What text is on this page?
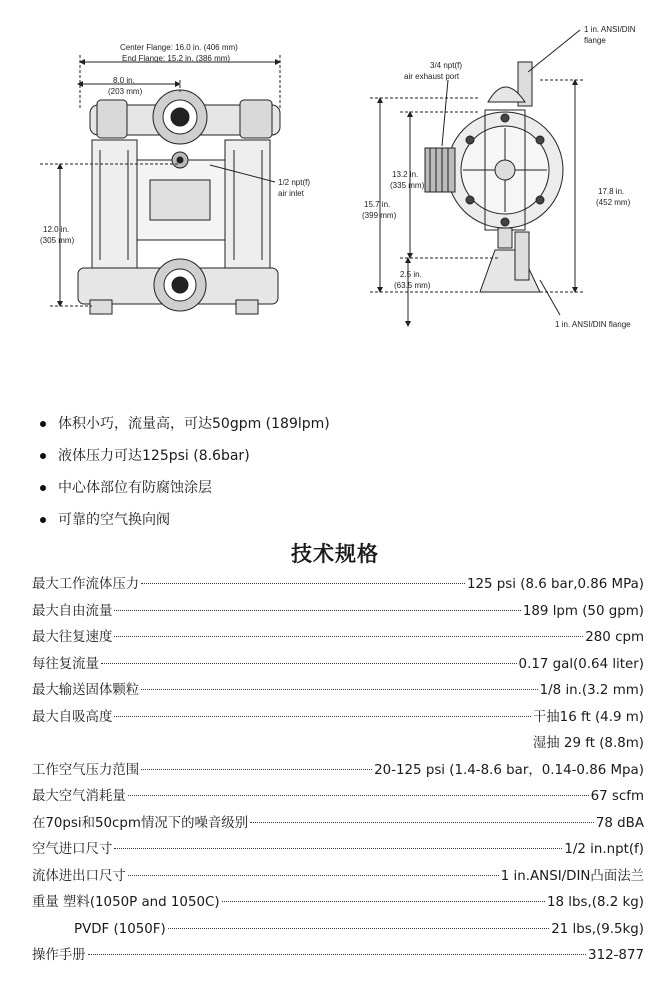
Center Flange: 16.0 in. (406 mm)
End Flange: 15.2 in. (386 mm)
8.0 in.
(203 mm)
12.0 in.
(305 mm)
1/2 npt(f)
air inlet
1 in. ANSI/DIN
flange
3/4 npt(f)
air exhaust port
13.2 in.
(335 mm)
15.7 in.
(399 mm)
17.8 in.
(452 mm)
2.5 in.
(63.5 mm)
1 in. ANSI/DIN flange
体积小巧，流量高，可达50gpm (189lpm)
液体压力可达125psi (8.6bar)
中心体部位有防腐蚀涂层
可靠的空气换向阀
技术规格
最大工作流体压力	125 psi (8.6 bar,0.86 MPa)
最大自由流量	189 lpm (50 gpm)
最大往复速度	280 cpm
每往复流量	0.17 gal(0.64 liter)
最大输送固体颗粒	1/8 in.(3.2 mm)
最大自吸高度	干抽16 ft (4.9 m)
湿抽 29 ft (8.8m)
工作空气压力范围	20-125 psi (1.4-8.6 bar，0.14-0.86 Mpa)
最大空气消耗量	67 scfm
在70psi和50cpm情况下的噪音级别	78 dBA
空气进口尺寸	1/2 in.npt(f)
流体进出口尺寸	1 in.ANSI/DIN凸面法兰
重量 塑料(1050P and 1050C)	18 lbs,(8.2 kg)
PVDF (1050F)	21 lbs,(9.5kg)
操作手册	312-877
